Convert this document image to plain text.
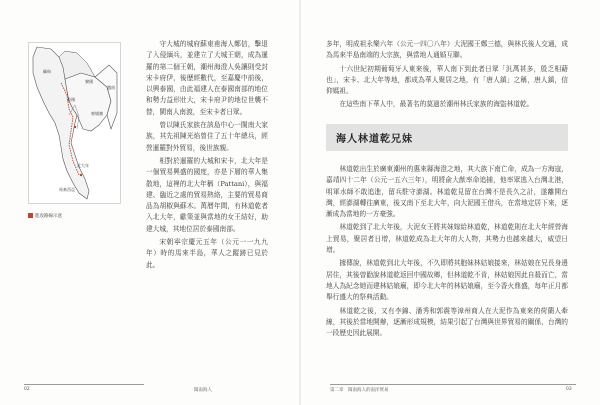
緬甸
寮國
泰國
柬埔寨
越南
北大年
馬來西亞
進攻路線示意

守大城的城府蘇東甫海人鄭信，擊退了入侵緬兵，並建立了大城王朝，成為暹羅的第二個王朝，潮州海澄人吳讓則受封宋卡府伊，後歷經數代，至嘉慶中前後，以興泰國，由此福建人在泰國南部的地位和勢力益形壯大，宋卡府尹的地位世襲不替，閩南人南渡，至宋卡者日眾。

曾以陳氏家族在該島中心一閩南大家族，其先祖陳光焰曾住了五十年總兵，經營暹羅對外貿易，後世族親。

相對於暹羅的大城和宋卡，北大年是一個貿易興盛的國度，亦是下層的華人集散地，這裡的北大年稱（Pattani），與福建、臨近之處的貿易熱絡，主要的貿易商品為胡椒與蘇木。萬曆年間，有林道乾者入北大年，獻策並與當地的女王結好，助建大城，其地位居於泰國南部。

宋朝寧宗慶元五年（公元一一九九年）時的馬來半島，華人之蹤跡已見於此。

多年，明成祖永樂六年（公元一四〇八年）大泥國王鄭三德，與林氏後人交通，成為馬來半島南端的大宗族，與當地人通婚互聯。

十六世紀初期葡萄牙人東來後，華人南下到此者日眾「汎萬甚多，殷乏相藉也」，宋卡、北大年等地，都成為華人聚居之地，有「唐人鎮」之稱，唐人鎮，信仰媽祖。

在這些南下華人中，最著名的莫過於潮州林氏家族的海盜林道乾。

海人林道乾兄妹

林道乾出生於廣東潮州的惠來縣海澄之地，其大族下南亡命，成為一方海寇，嘉靖四十二年（公元一五六三年），明將俞大猷率命追捕，他率眾逃入台灣北港，明軍水師不敢追進，留兵駐守澎湖。林道乾見留在台灣不是長久之計，遂離開台灣，經澎湖轉往廣東，後又南下至北大年，向大泥國王借兵，在當地定居下來，逐漸成為當地的一方豪強。

林道乾到了北大年後，大泥女王將其妹嫁給林道乾，林道乾則在北大年經營海上貿易，聚居者日增，林道乾成為北大年的大人物，其勢力也越來越大，威望日增。

據傳說，林道乾到北大年後，不久即將其胞妹林姑娘接來，林姑娘在兄長身邊居住，其後曾勸說林道乾返回中國故鄉，但林道乾不肯，林姑娘因此自殺而亡，當地人為紀念她而建林姑娘廟，即今北大年的林姑娘廟，至今香火鼎盛，每年正月都舉行盛大的祭典活動。

林道乾之後，又有李錦、潘秀和郭震等漳州商人在大泥作為東來的荷蘭人牽線，其後於當地開辦，逐漸形成規模，結果引起了台灣與世界貿易的關係，台灣的一段歷史因此展開。

02	閩南海人	第二章　閩南海人的南洋貿易	03
